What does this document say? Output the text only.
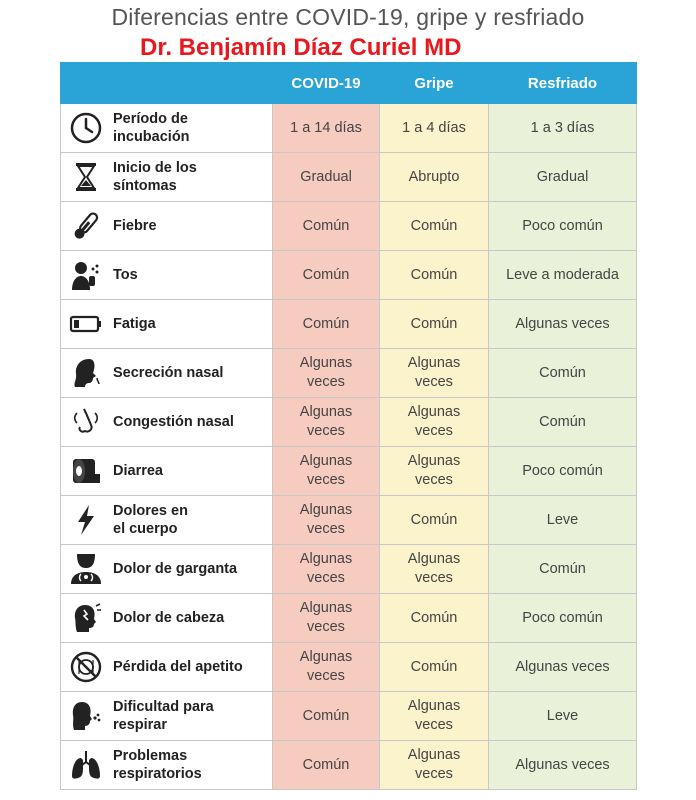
Diferencias entre COVID-19, gripe y resfriado
Dr. Benjamín Díaz Curiel MD
	COVID-19	Gripe	Resfriado

Período de
incubación	1 a 14 días	1 a 4 días	1 a 3 días

Inicio de los
síntomas	Gradual	Abrupto	Gradual

Fiebre	Común	Común	Poco común

Tos	Común	Común	Leve a moderada

Fatiga	Común	Común	Algunas veces

Secreción nasal	Algunas
veces	Algunas
veces	Común

Congestión nasal	Algunas
veces	Algunas
veces	Común

Diarrea	Algunas
veces	Algunas
veces	Poco común

Dolores en
el cuerpo	Algunas
veces	Común	Leve

Dolor de garganta	Algunas
veces	Algunas
veces	Común

Dolor de cabeza	Algunas
veces	Común	Poco común

Pérdida del apetito	Algunas
veces	Común	Algunas veces

Dificultad para
respirar	Común	Algunas
veces	Leve

Problemas
respiratorios	Común	Algunas
veces	Algunas veces
